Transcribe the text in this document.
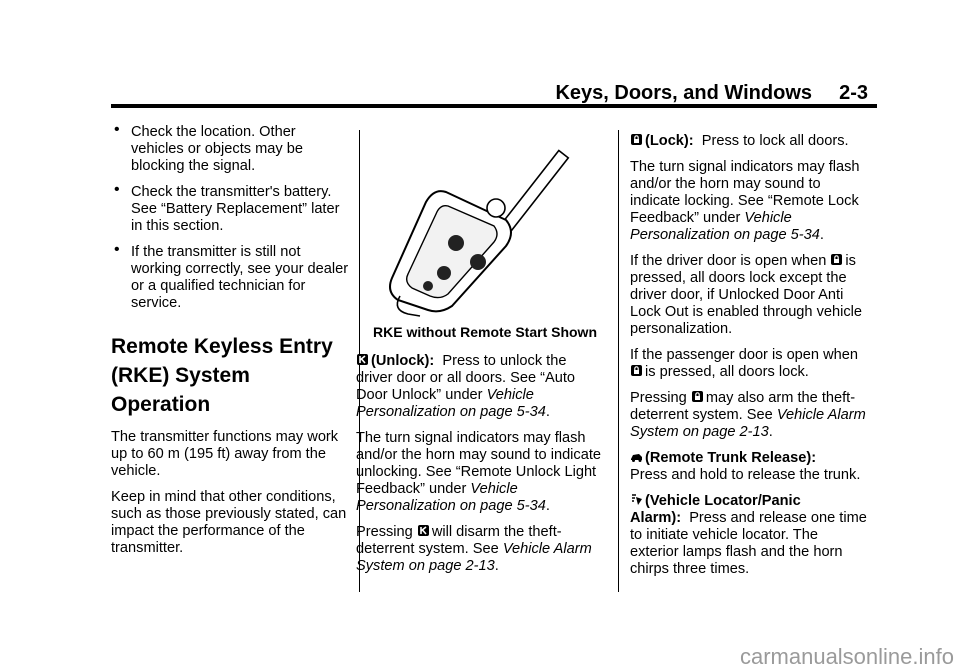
Keys, Doors, and Windows 2-3
• Check the location. Other vehicles or objects may be blocking the signal.
• Check the transmitter's battery. See “Battery Replacement” later in this section.
• If the transmitter is still not working correctly, see your dealer or a qualified technician for service.
Remote Keyless Entry
(RKE) System Operation

The transmitter functions may work up to 60 m (195 ft) away from the vehicle.

Keep in mind that other conditions, such as those previously stated, can impact the performance of the transmitter.

RKE without Remote Start Shown

(Unlock): Press to unlock the driver door or all doors. See “Auto Door Unlock” under Vehicle Personalization on page 5-34.

The turn signal indicators may flash and/or the horn may sound to indicate unlocking. See “Remote Unlock Light Feedback” under Vehicle Personalization on page 5-34.

Pressing will disarm the theft-deterrent system. See Vehicle Alarm System on page 2-13.

(Lock): Press to lock all doors.

The turn signal indicators may flash and/or the horn may sound to indicate locking. See “Remote Lock Feedback” under Vehicle Personalization on page 5-34.

If the driver door is open when is pressed, all doors lock except the driver door, if Unlocked Door Anti Lock Out is enabled through vehicle personalization.

If the passenger door is open when
is pressed, all doors lock.

Pressing may also arm the theft-deterrent system. See Vehicle Alarm System on page 2-13.

(Remote Trunk Release):
Press and hold to release the trunk.

(Vehicle Locator/Panic Alarm): Press and release one time to initiate vehicle locator. The exterior lamps flash and the horn chirps three times.

carmanualsonline.info
